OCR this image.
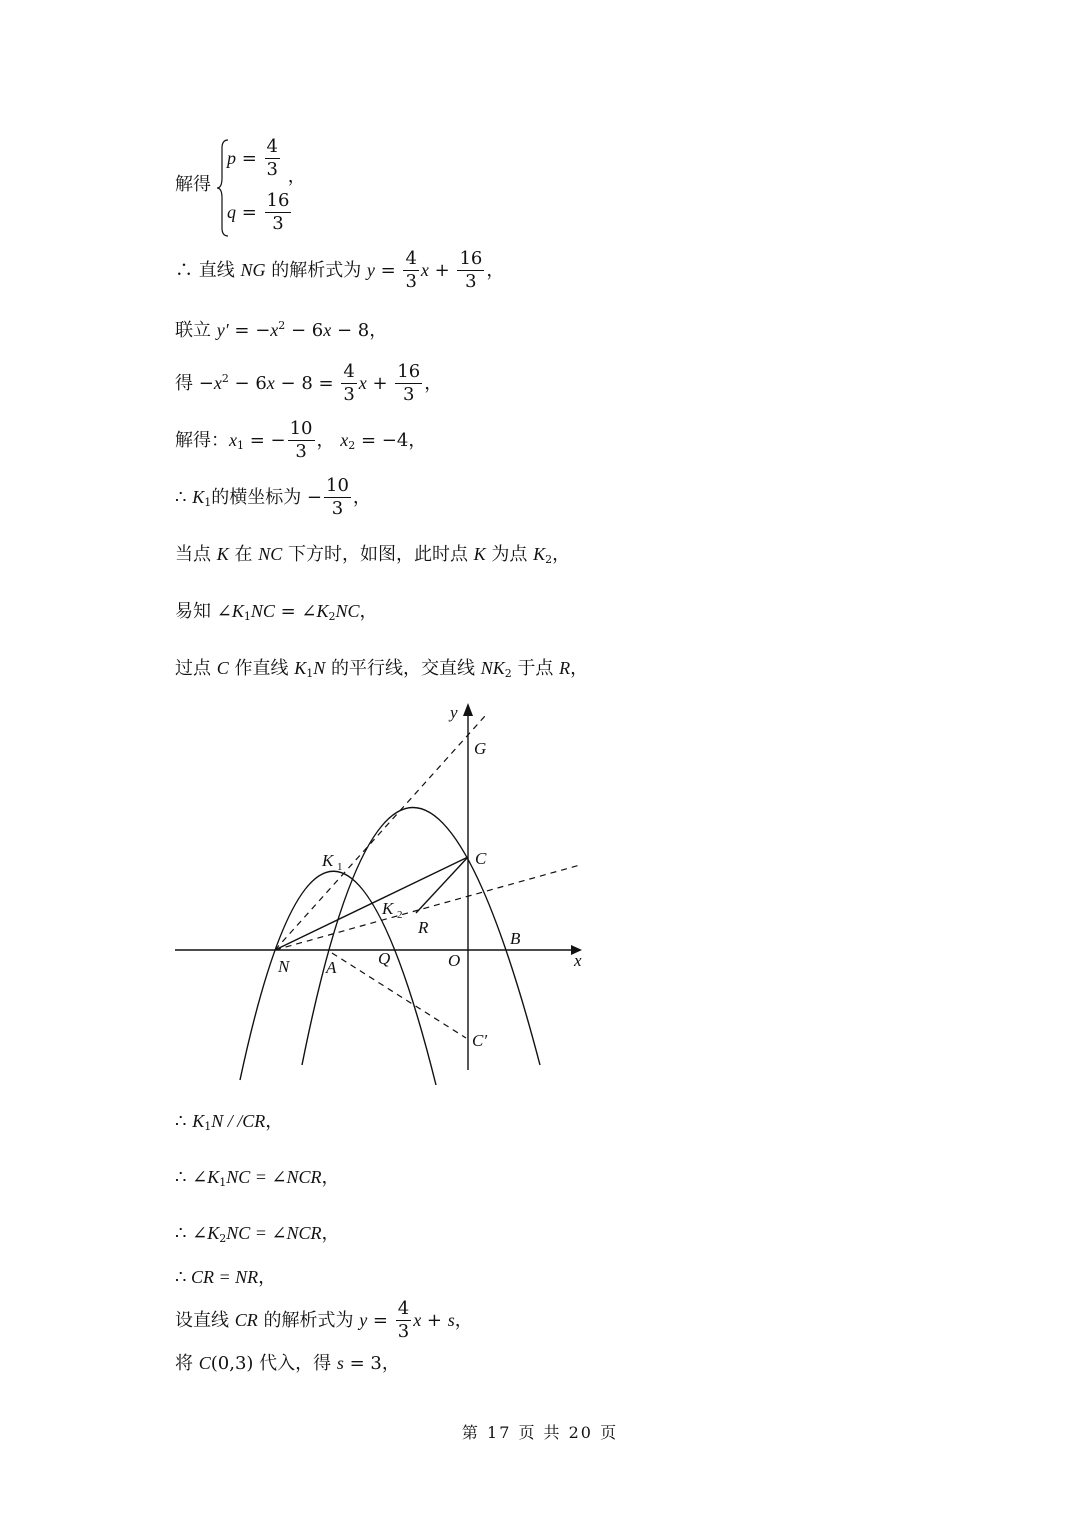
解得
$p = \frac{4}{3}$ ，
$q = \frac{16}{3}$
∴ 直线 NG 的解析式为 $y = \frac{4}{3}$ $x + \frac{16}{3}$ ，
联立 $y' = -x^2 - 6x - 8$，
得 $-x^2 - 6x - 8 = \frac{4}{3}$ $x + \frac{16}{3}$ ，
解得：$x_1$ = − $\frac{10}{3}$ ， $x_2 = -4$，
∴ $K_1$的横坐标为 − $\frac{10}{3}$ ，
当点 K 在 NC 下方时，如图，此时点 K 为点 $K_2$，
易知 $\angle K_1NC$ = $\angle K_2NC$，
过点 C 作直线 $K_1N$ 的平行线，交直线 $NK_2$ 于点 R，
y
x
G
C
K 1
K 2
R
B
N A Q	O
C′
∴ $K_1N / /CR$，
∴ $\angle K_1NC$ = ∠NCR，
∴ $\angle K_2NC$ = ∠NCR，
∴ CR = NR，
设直线 CR 的解析式为 $y = \frac{4}{3}$ x + s，
将 C(0,3) 代入，得 s = 3，
第 17 页 共 20 页
